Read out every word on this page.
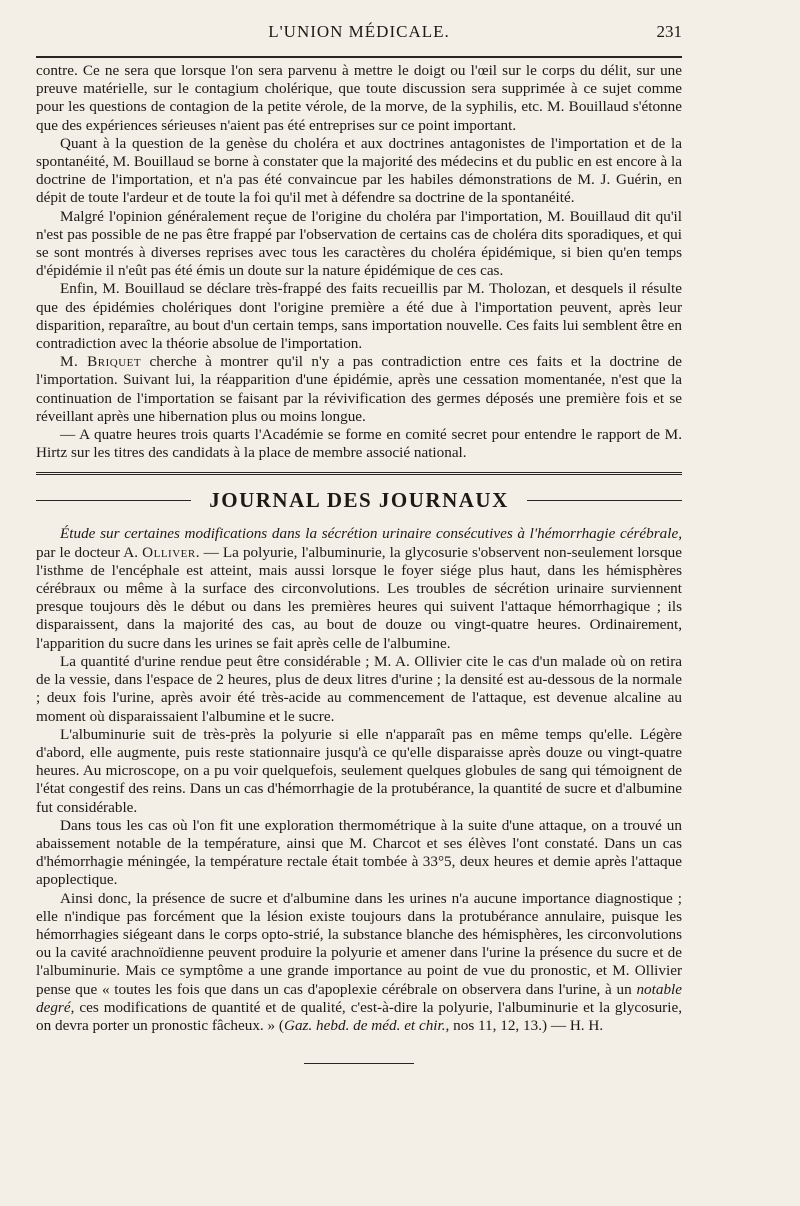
L'UNION MÉDICALE.	231

contre. Ce ne sera que lorsque l'on sera parvenu à mettre le doigt ou l'œil sur le corps du délit, sur une preuve matérielle, sur le contagium cholérique, que toute discussion sera supprimée à ce sujet comme pour les questions de contagion de la petite vérole, de la morve, de la syphilis, etc. M. Bouillaud s'étonne que des expériences sérieuses n'aient pas été entreprises sur ce point important.

Quant à la question de la genèse du choléra et aux doctrines antagonistes de l'importation et de la spontanéité, M. Bouillaud se borne à constater que la majorité des médecins et du public en est encore à la doctrine de l'importation, et n'a pas été convaincue par les habiles démonstrations de M. J. Guérin, en dépit de toute l'ardeur et de toute la foi qu'il met à défendre sa doctrine de la spontanéité.

Malgré l'opinion généralement reçue de l'origine du choléra par l'importation, M. Bouillaud dit qu'il n'est pas possible de ne pas être frappé par l'observation de certains cas de choléra dits sporadiques, et qui se sont montrés à diverses reprises avec tous les caractères du choléra épidémique, si bien qu'en temps d'épidémie il n'eût pas été émis un doute sur la nature épidémique de ces cas.

Enfin, M. Bouillaud se déclare très-frappé des faits recueillis par M. Tholozan, et desquels il résulte que des épidémies cholériques dont l'origine première a été due à l'importation peuvent, après leur disparition, reparaître, au bout d'un certain temps, sans importation nouvelle. Ces faits lui semblent être en contradiction avec la théorie absolue de l'importation.

M. Briquet cherche à montrer qu'il n'y a pas contradiction entre ces faits et la doctrine de l'importation. Suivant lui, la réapparition d'une épidémie, après une cessation momentanée, n'est que la continuation de l'importation se faisant par la révivification des germes déposés une première fois et se réveillant après une hibernation plus ou moins longue.

— A quatre heures trois quarts l'Académie se forme en comité secret pour entendre le rapport de M. Hirtz sur les titres des candidats à la place de membre associé national.

JOURNAL DES JOURNAUX

Étude sur certaines modifications dans la sécrétion urinaire consécutives à l'hémorrhagie cérébrale, par le docteur A. Olliver. — La polyurie, l'albuminurie, la glycosurie s'observent non-seulement lorsque l'isthme de l'encéphale est atteint, mais aussi lorsque le foyer siége plus haut, dans les hémisphères cérébraux ou même à la surface des circonvolutions. Les troubles de sécrétion urinaire surviennent presque toujours dès le début ou dans les premières heures qui suivent l'attaque hémorrhagique ; ils disparaissent, dans la majorité des cas, au bout de douze ou vingt-quatre heures. Ordinairement, l'apparition du sucre dans les urines se fait après celle de l'albumine.

La quantité d'urine rendue peut être considérable ; M. A. Ollivier cite le cas d'un malade où on retira de la vessie, dans l'espace de 2 heures, plus de deux litres d'urine ; la densité est au-dessous de la normale ; deux fois l'urine, après avoir été très-acide au commencement de l'attaque, est devenue alcaline au moment où disparaissaient l'albumine et le sucre.

L'albuminurie suit de très-près la polyurie si elle n'apparaît pas en même temps qu'elle. Légère d'abord, elle augmente, puis reste stationnaire jusqu'à ce qu'elle disparaisse après douze ou vingt-quatre heures. Au microscope, on a pu voir quelquefois, seulement quelques globules de sang qui témoignent de l'état congestif des reins. Dans un cas d'hémorrhagie de la protubérance, la quantité de sucre et d'albumine fut considérable.

Dans tous les cas où l'on fit une exploration thermométrique à la suite d'une attaque, on a trouvé un abaissement notable de la température, ainsi que M. Charcot et ses élèves l'ont constaté. Dans un cas d'hémorrhagie méningée, la température rectale était tombée à 33°5, deux heures et demie après l'attaque apoplectique.

Ainsi donc, la présence de sucre et d'albumine dans les urines n'a aucune importance diagnostique ; elle n'indique pas forcément que la lésion existe toujours dans la protubérance annulaire, puisque les hémorrhagies siégeant dans le corps opto-strié, la substance blanche des hémisphères, les circonvolutions ou la cavité arachnoïdienne peuvent produire la polyurie et amener dans l'urine la présence du sucre et de l'albuminurie. Mais ce symptôme a une grande importance au point de vue du pronostic, et M. Ollivier pense que « toutes les fois que dans un cas d'apoplexie cérébrale on observera dans l'urine, à un notable degré, ces modifications de quantité et de qualité, c'est-à-dire la polyurie, l'albuminurie et la glycosurie, on devra porter un pronostic fâcheux. » (Gaz. hebd. de méd. et chir., nos 11, 12, 13.) — H. H.
